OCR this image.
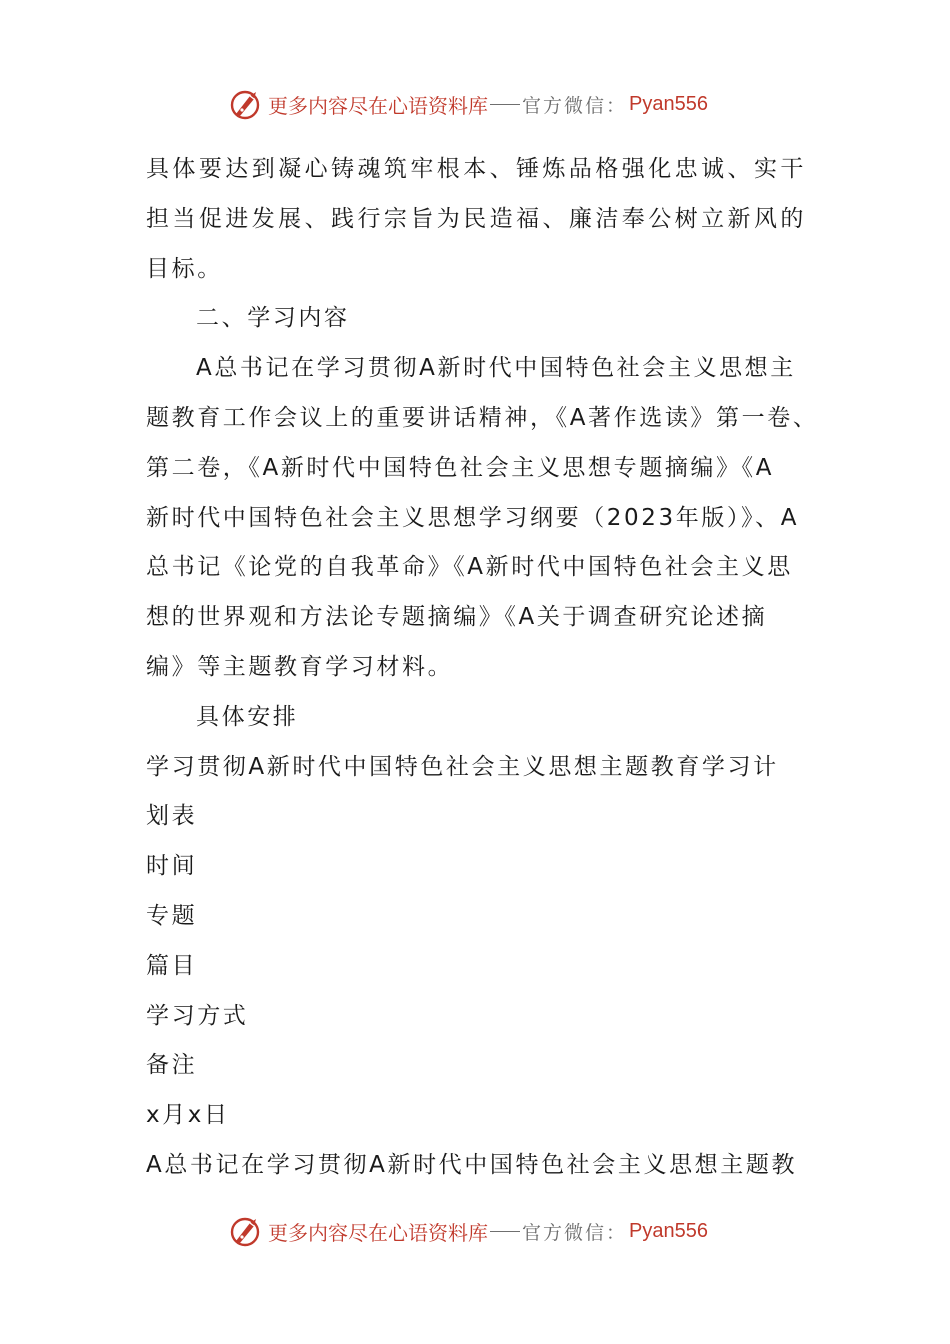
更多内容尽在心语资料库 官方微信： Pyan556
具体要达到凝心铸魂筑牢根本、锤炼品格强化忠诚、实干
担当促进发展、践行宗旨为民造福、廉洁奉公树立新风的
目标。
二、学习内容
A总书记在学习贯彻A新时代中国特色社会主义思想主
题教育工作会议上的重要讲话精神，《A著作选读》第一卷、
第二卷，《A新时代中国特色社会主义思想专题摘编》《A
新时代中国特色社会主义思想学习纲要（2023年版）》、A
总书记《论党的自我革命》《A新时代中国特色社会主义思
想的世界观和方法论专题摘编》《A关于调查研究论述摘
编》等主题教育学习材料。
具体安排
学习贯彻A新时代中国特色社会主义思想主题教育学习计
划表
时间
专题
篇目
学习方式
备注
x月x日
A总书记在学习贯彻A新时代中国特色社会主义思想主题教
更多内容尽在心语资料库 官方微信： Pyan556
